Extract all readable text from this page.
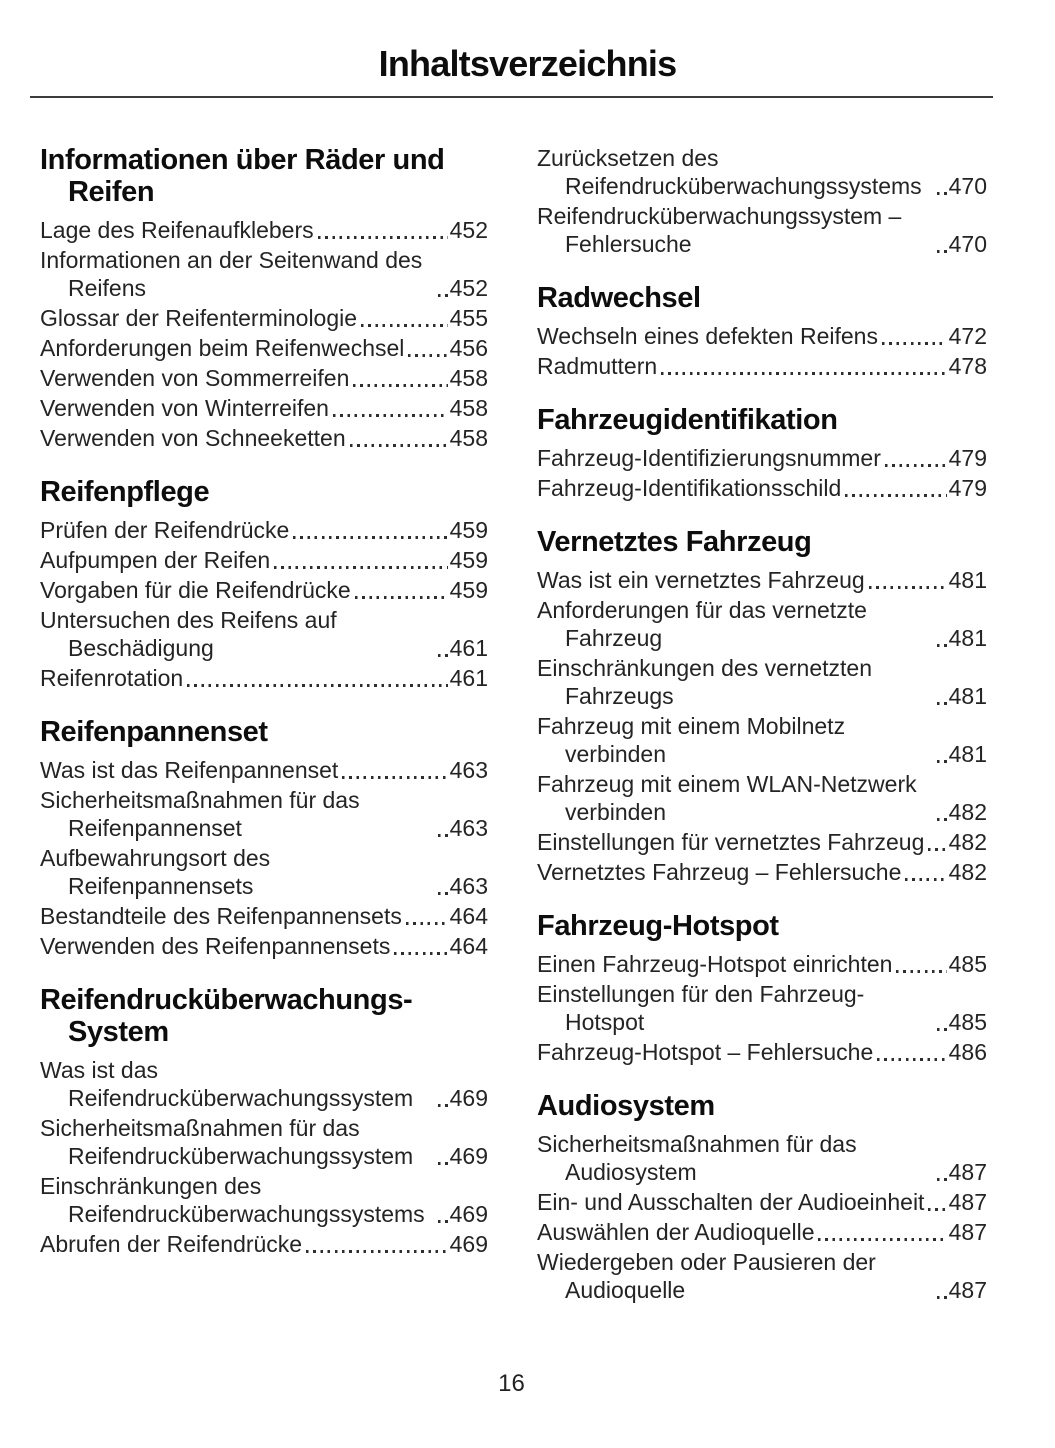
Inhaltsverzeichnis
Informationen über Räder und Reifen
Lage des Reifenaufklebers	452
Informationen an der Seitenwand des Reifens	452
Glossar der Reifenterminologie	455
Anforderungen beim Reifenwechsel 456
Verwenden von Sommerreifen	458
Verwenden von Winterreifen	458
Verwenden von Schneeketten	458
Reifenpflege
Prüfen der Reifendrücke	459
Aufpumpen der Reifen	459
Vorgaben für die Reifendrücke	459
Untersuchen des Reifens auf Beschädigung	461
Reifenrotation	461
Reifenpannenset
Was ist das Reifenpannenset	463
Sicherheitsmaßnahmen für das Reifenpannenset	463
Aufbewahrungsort des Reifenpannensets	463
Bestandteile des Reifenpannensets 464
Verwenden des Reifenpannensets	464
Reifendrucküberwachungs-System
Was ist das Reifendrucküberwachungssystem	469
Sicherheitsmaßnahmen für das Reifendrucküberwachungssystem	469
Einschränkungen des Reifendrucküberwachungssystems	469
Abrufen der Reifendrücke	469
Zurücksetzen des Reifendrucküberwachungssystems	470
Reifendrucküberwachungssystem – Fehlersuche	470
Radwechsel
Wechseln eines defekten Reifens	472
Radmuttern	478
Fahrzeugidentifikation
Fahrzeug-Identifizierungsnummer	479
Fahrzeug-Identifikationsschild	479
Vernetztes Fahrzeug
Was ist ein vernetztes Fahrzeug	481
Anforderungen für das vernetzte Fahrzeug	481
Einschränkungen des vernetzten Fahrzeugs	481
Fahrzeug mit einem Mobilnetz verbinden	481
Fahrzeug mit einem WLAN-Netzwerk verbinden	482
Einstellungen für vernetztes Fahrzeug 482
Vernetztes Fahrzeug – Fehlersuche 482
Fahrzeug-Hotspot
Einen Fahrzeug-Hotspot einrichten 485
Einstellungen für den Fahrzeug-Hotspot	485
Fahrzeug-Hotspot – Fehlersuche	486
Audiosystem
Sicherheitsmaßnahmen für das Audiosystem	487
Ein- und Ausschalten der Audioeinheit 487
Auswählen der Audioquelle	487
Wiedergeben oder Pausieren der Audioquelle	487
16
